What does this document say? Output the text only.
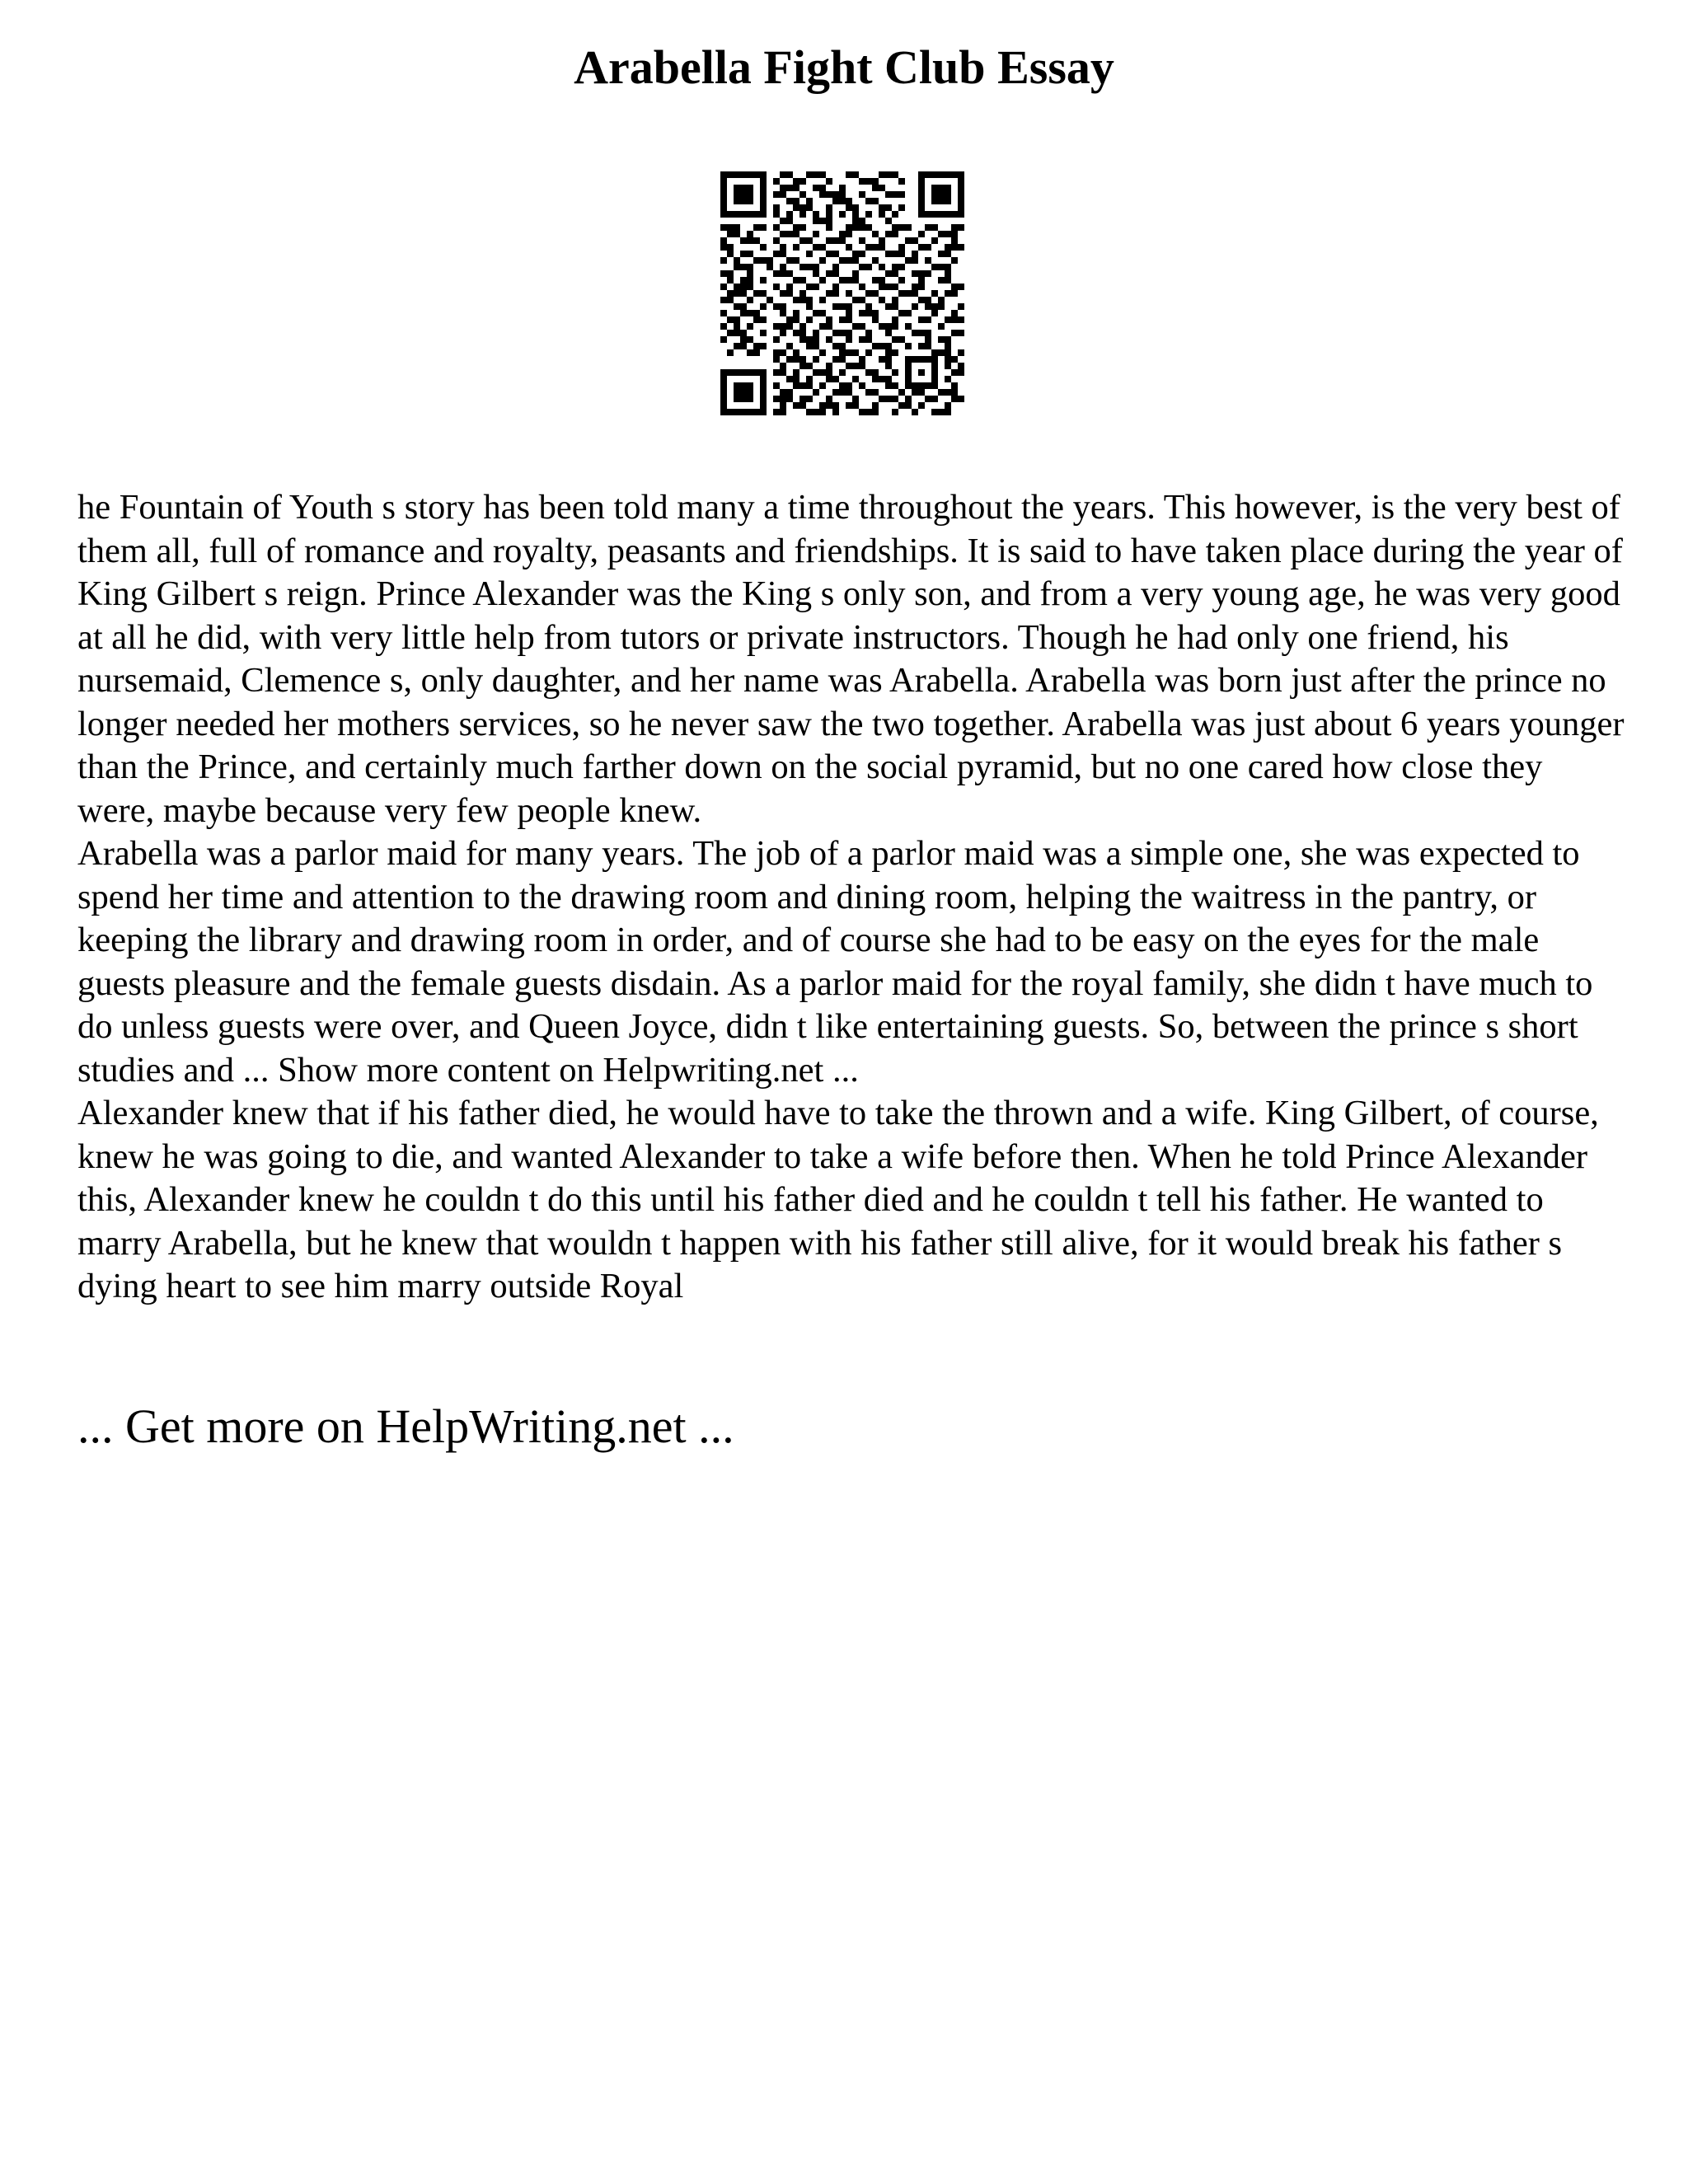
Arabella Fight Club Essay

he Fountain of Youth s story has been told many a time throughout the years. This however, is the very best of them all, full of romance and royalty, peasants and friendships. It is said to have taken place during the year of King Gilbert s reign. Prince Alexander was the King s only son, and from a very young age, he was very good at all he did, with very little help from tutors or private instructors. Though he had only one friend, his nursemaid, Clemence s, only daughter, and her name was Arabella. Arabella was born just after the prince no longer needed her mothers services, so he never saw the two together. Arabella was just about 6 years younger than the Prince, and certainly much farther down on the social pyramid, but no one cared how close they were, maybe because very few people knew.

Arabella was a parlor maid for many years. The job of a parlor maid was a simple one, she was expected to spend her time and attention to the drawing room and dining room, helping the waitress in the pantry, or keeping the library and drawing room in order, and of course she had to be easy on the eyes for the male guests pleasure and the female guests disdain. As a parlor maid for the royal family, she didn t have much to do unless guests were over, and Queen Joyce, didn t like entertaining guests. So, between the prince s short studies and ... Show more content on Helpwriting.net ...

Alexander knew that if his father died, he would have to take the thrown and a wife. King Gilbert, of course, knew he was going to die, and wanted Alexander to take a wife before then. When he told Prince Alexander this, Alexander knew he couldn t do this until his father died and he couldn t tell his father. He wanted to marry Arabella, but he knew that wouldn t happen with his father still alive, for it would break his father s dying heart to see him marry outside Royal

... Get more on HelpWriting.net ...
